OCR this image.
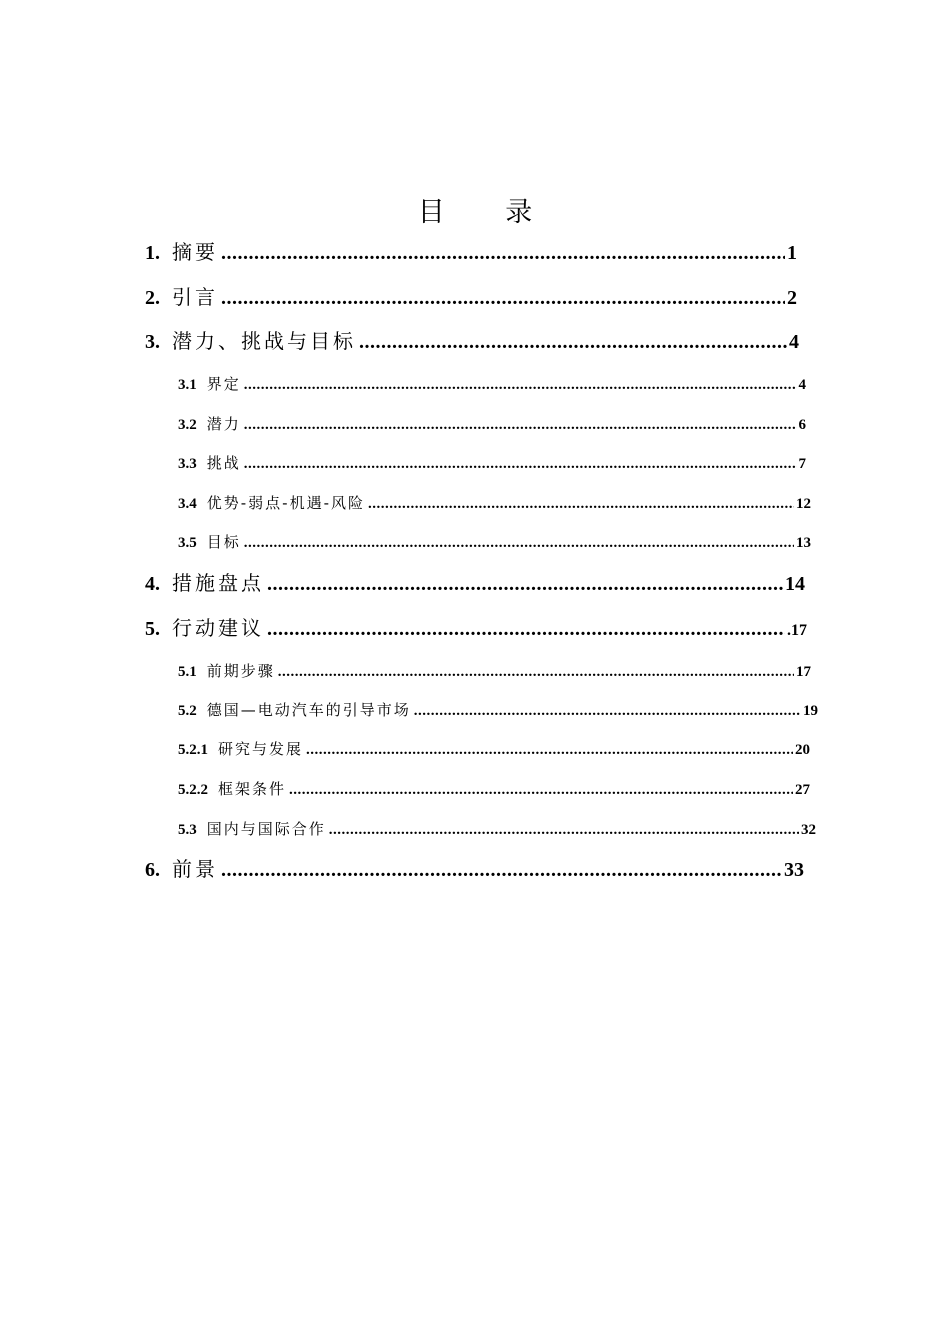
目 录
1. 摘要 .....	1
2. 引言 .....	2
3. 潜力、挑战与目标 .....	4
3.1 界定 .....	4
3.2 潜力 .....	6
3.3 挑战 .....	7
3.4 优势-弱点-机遇-风险 .....	12
3.5 目标 .....	13
4. 措施盘点 .....	14
5. 行动建议 .....	.17
5.1 前期步骤 .....	17
5.2 德国—电动汽车的引导市场 .....	19
5.2.1 研究与发展 .....	20
5.2.2 框架条件 .....	27
5.3 国内与国际合作 .....	32
6. 前景 .....	33
